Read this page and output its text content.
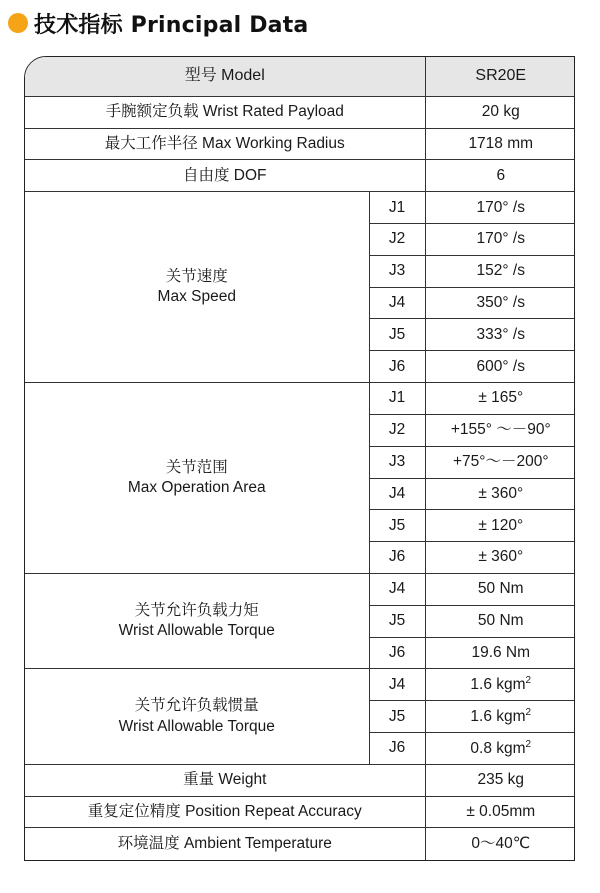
技术指标 Principal Data
型号 Model		SR20E
手腕额定负载 Wrist Rated Payload		20 kg
最大工作半径 Max Working Radius		1718 mm
自由度 DOF		6
关节速度
Max Speed	J1	170° /s
	J2	170° /s
	J3	152° /s
	J4	350° /s
	J5	333° /s
	J6	600° /s
关节范围
Max Operation Area	J1	± 165°
	J2	+155° ～－90°
	J3	+75°～－200°
	J4	± 360°
	J5	± 120°
	J6	± 360°
关节允许负载力矩
Wrist Allowable Torque	J4	50 Nm
	J5	50 Nm
	J6	19.6 Nm
关节允许负载惯量
Wrist Allowable Torque	J4	1.6 kgm$^2$
	J5	1.6 kgm$^2$
	J6	0.8 kgm$^2$
重量 Weight		235 kg
重复定位精度 Position Repeat Accuracy		± 0.05mm
环境温度 Ambient Temperature		0～40℃
